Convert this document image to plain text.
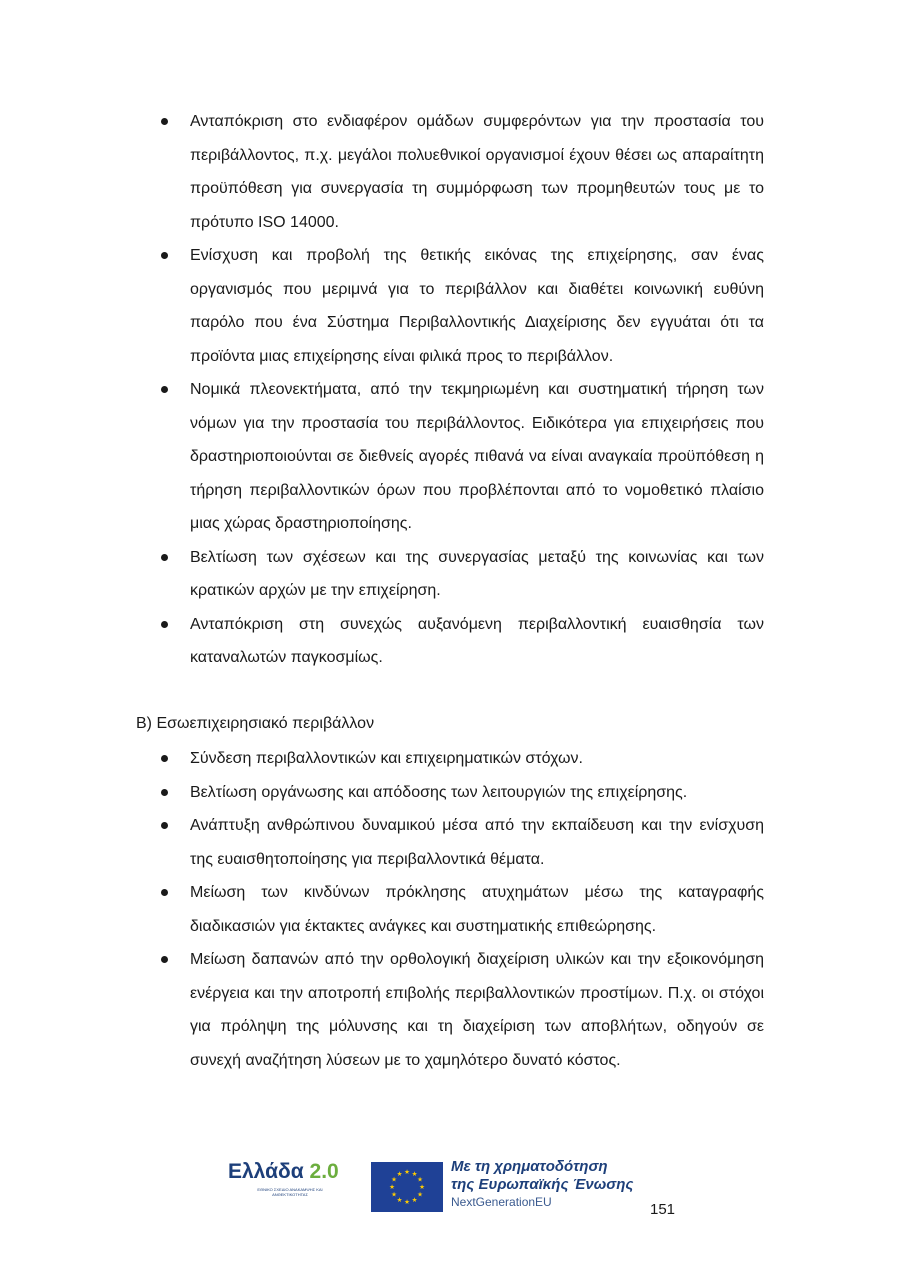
Ανταπόκριση στο ενδιαφέρον ομάδων συμφερόντων για την προστασία του περιβάλλοντος, π.χ. μεγάλοι πολυεθνικοί οργανισμοί έχουν θέσει ως απαραίτητη προϋπόθεση για συνεργασία τη συμμόρφωση των προμηθευτών τους με το πρότυπο ISO 14000.
Ενίσχυση και προβολή της θετικής εικόνας της επιχείρησης, σαν ένας οργανισμός που μεριμνά για το περιβάλλον και διαθέτει κοινωνική ευθύνη παρόλο που ένα Σύστημα Περιβαλλοντικής Διαχείρισης δεν εγγυάται ότι τα προϊόντα μιας επιχείρησης είναι φιλικά προς το περιβάλλον.
Νομικά πλεονεκτήματα, από την τεκμηριωμένη και συστηματική τήρηση των νόμων για την προστασία του περιβάλλοντος. Ειδικότερα για επιχειρήσεις που δραστηριοποιούνται σε διεθνείς αγορές πιθανά να είναι αναγκαία προϋπόθεση η τήρηση περιβαλλοντικών όρων που προβλέπονται από το νομοθετικό πλαίσιο μιας χώρας δραστηριοποίησης.
Βελτίωση των σχέσεων και της συνεργασίας μεταξύ της κοινωνίας και των κρατικών αρχών με την επιχείρηση.
Ανταπόκριση στη συνεχώς αυξανόμενη περιβαλλοντική ευαισθησία των καταναλωτών παγκοσμίως.

Β) Εσωεπιχειρησιακό περιβάλλον

Σύνδεση περιβαλλοντικών και επιχειρηματικών στόχων.
Βελτίωση οργάνωσης και απόδοσης των λειτουργιών της επιχείρησης.
Ανάπτυξη ανθρώπινου δυναμικού μέσα από την εκπαίδευση και την ενίσχυση της ευαισθητοποίησης για περιβαλλοντικά θέματα.
Μείωση των κινδύνων πρόκλησης ατυχημάτων μέσω της καταγραφής διαδικασιών για έκτακτες ανάγκες και συστηματικής επιθεώρησης.
Μείωση δαπανών από την ορθολογική διαχείριση υλικών και την εξοικονόμηση ενέργεια και την αποτροπή επιβολής περιβαλλοντικών προστίμων. Π.χ. οι στόχοι για πρόληψη της μόλυνσης και τη διαχείριση των αποβλήτων, οδηγούν σε συνεχή αναζήτηση λύσεων με το χαμηλότερο δυνατό κόστος.
Ελλάδα 2.0
ΕΘΝΙΚΟ ΣΧΕΔΙΟ ΑΝΑΚΑΜΨΗΣ ΚΑΙ ΑΝΘΕΚΤΙΚΟΤΗΤΑΣ
★ ★
★
★
★
★
★
★
★
★
★
★	Με τη χρηματοδότηση
της Ευρωπαϊκής Ένωσης
NextGenerationEU	151
